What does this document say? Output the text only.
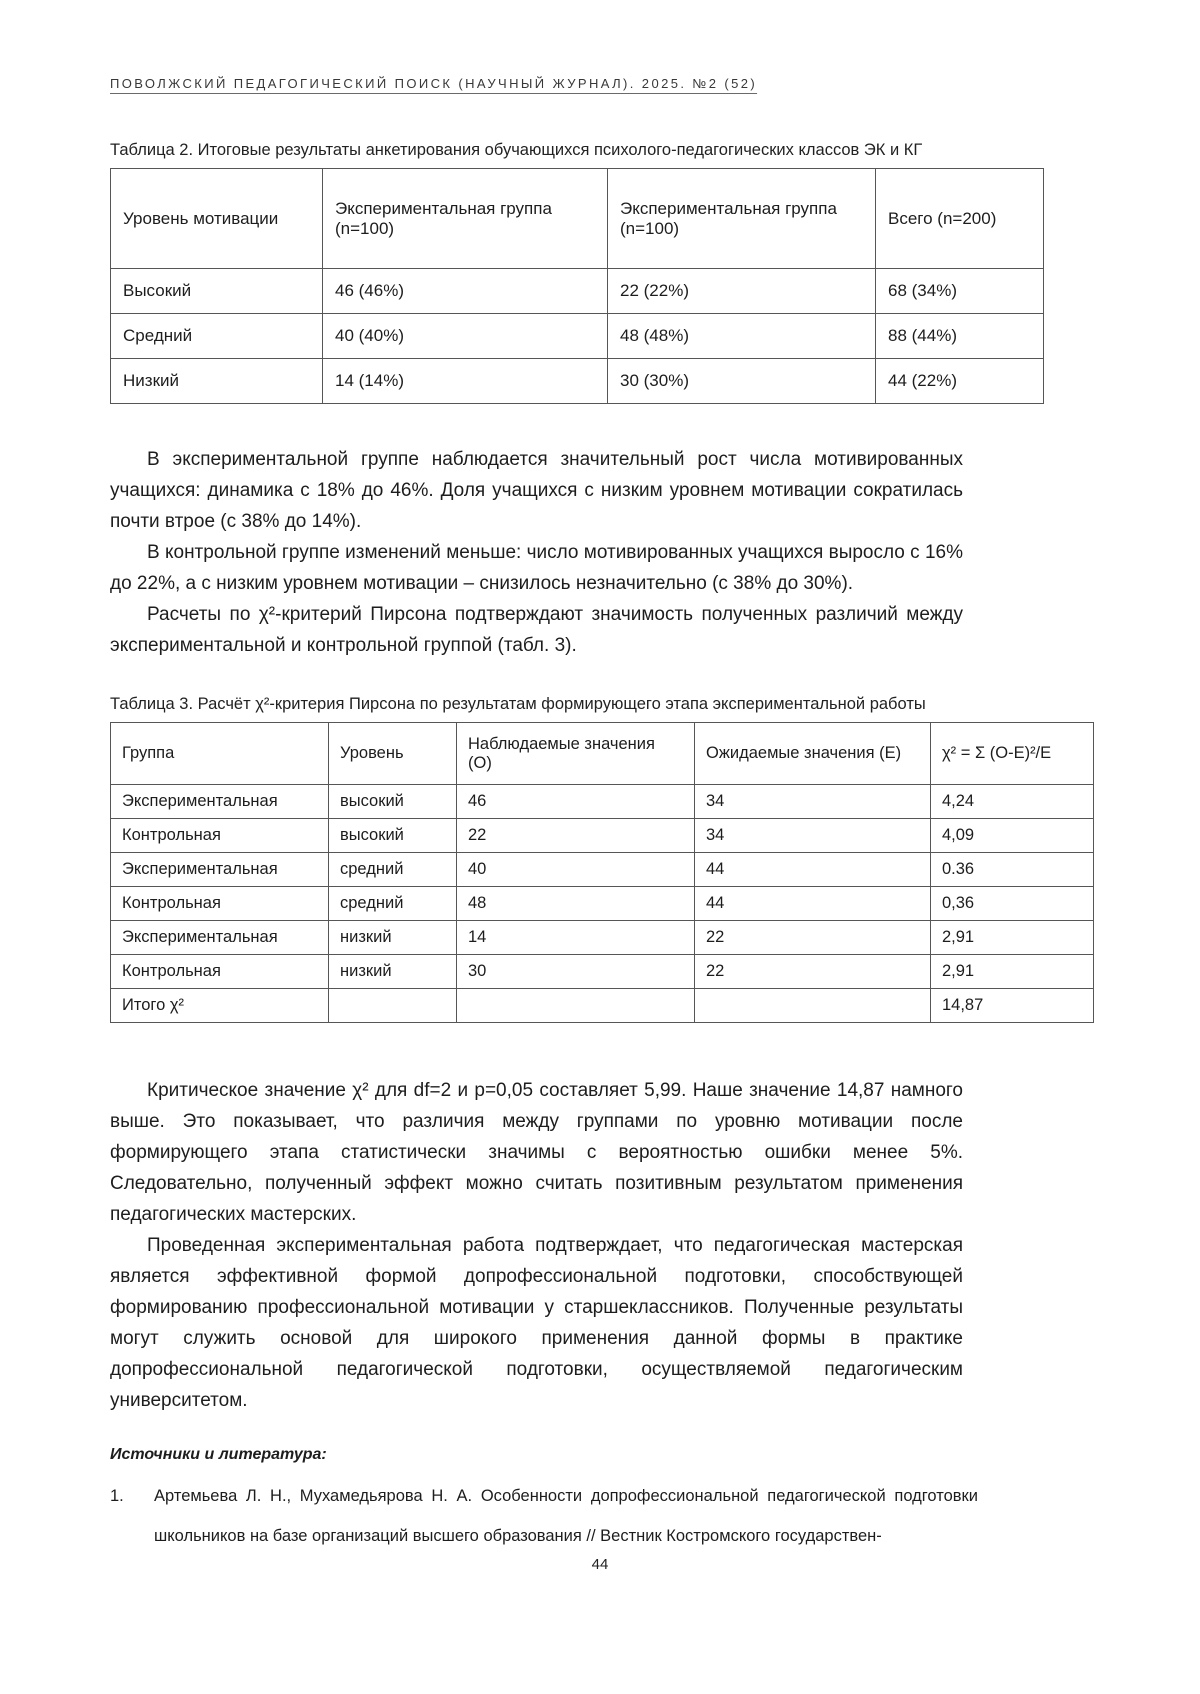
ПОВОЛЖСКИЙ ПЕДАГОГИЧЕСКИЙ ПОИСК (НАУЧНЫЙ ЖУРНАЛ). 2025. №2 (52)
Таблица 2. Итоговые результаты анкетирования обучающихся психолого-педагогических классов ЭК и КГ
Уровень мотивации	Экспериментальная группа (n=100)	Экспериментальная группа (n=100)	Всего (n=200)
Высокий	46 (46%)	22 (22%)	68 (34%)
Средний	40 (40%)	48 (48%)	88 (44%)
Низкий	14 (14%)	30 (30%)	44 (22%)

В экспериментальной группе наблюдается значительный рост числа мотивированных учащихся: динамика с 18% до 46%. Доля учащихся с низким уровнем мотивации сократилась почти втрое (с 38% до 14%).

В контрольной группе изменений меньше: число мотивированных учащихся выросло с 16% до 22%, а с низким уровнем мотивации – снизилось незначительно (с 38% до 30%).

Расчеты по χ²-критерий Пирсона подтверждают значимость полученных различий между экспериментальной и контрольной группой (табл. 3).

Таблица 3. Расчёт χ²-критерия Пирсона по результатам формирующего этапа экспериментальной работы
Группа	Уровень	Наблюдаемые значения (О)	Ожидаемые значения (Е)	χ² = Σ (О-Е)²/Е
Экспериментальная	высокий	46	34	4,24
Контрольная	высокий	22	34	4,09
Экспериментальная	средний	40	44	0.36
Контрольная	средний	48	44	0,36
Экспериментальная	низкий	14	22	2,91
Контрольная	низкий	30	22	2,91
Итого χ²				14,87

Критическое значение χ² для df=2 и p=0,05 составляет 5,99. Наше значение 14,87 намного выше. Это показывает, что различия между группами по уровню мотивации после формирующего этапа статистически значимы с вероятностью ошибки менее 5%. Следовательно, полученный эффект можно считать позитивным результатом применения педагогических мастерских.

Проведенная экспериментальная работа подтверждает, что педагогическая мастерская является эффективной формой допрофессиональной подготовки, способствующей формированию профессиональной мотивации у старшеклассников. Полученные результаты могут служить основой для широкого применения данной формы в практике допрофессиональной педагогической подготовки, осуществляемой педагогическим университетом.

Источники и литература:
1.	Артемьева Л. Н., Мухамедьярова Н. А. Особенности допрофессиональной педагогической подготовки школьников на базе организаций высшего образования // Вестник Костромского государствен-
44
